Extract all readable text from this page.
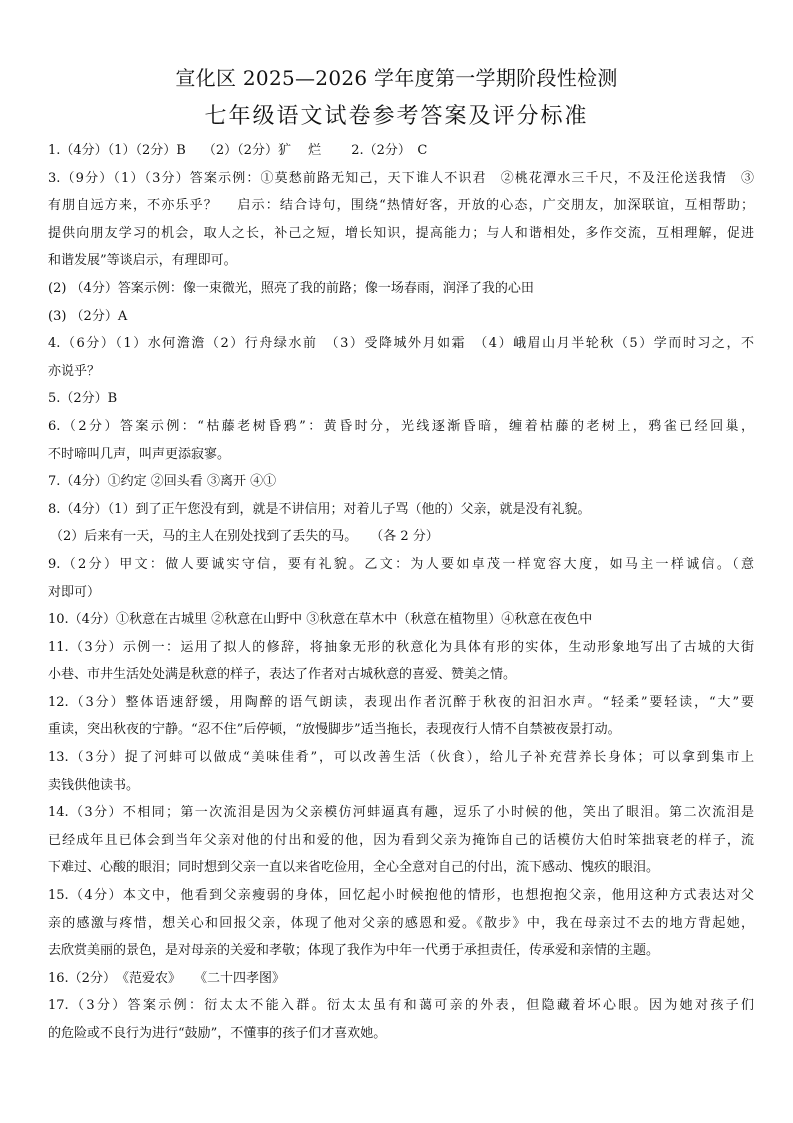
宣化区 2025—2026 学年度第一学期阶段性检测
七年级语文试卷参考答案及评分标准
1.（4分）（1）（2分）B　 （2）（2分）犷　 烂　　 2.（2分）　C
3.（9分）（1）（3分）答案示例：①莫愁前路无知己，天下谁人不识君　②桃花潭水三千尺，不及汪伦送我情　③
有朋自远方来，不亦乐乎？　 启示：结合诗句，围绕“热情好客，开放的心态，广交朋友，加深联谊，互相帮助；
提供向朋友学习的机会，取人之长，补己之短，增长知识，提高能力；与人和谐相处，多作交流，互相理解，促进
和谐发展”等谈启示，有理即可。
(2) （4分）答案示例：像一束微光，照亮了我的前路；像一场春雨，润泽了我的心田
(3) （2分）A
4.（6分）（1）水何澹澹（2）行舟绿水前　（3）受降城外月如霜　（4）峨眉山月半轮秋（5）学而时习之，不
亦说乎？
5.（2分）B
6.（2分）答案示例：“枯藤老树昏鸦”：黄昏时分，光线逐渐昏暗，缠着枯藤的老树上，鸦雀已经回巢，
不时啼叫几声，叫声更添寂寥。
7.（4分）①约定 ②回头看 ③离开 ④①
8.（4分）（1）到了正午您没有到，就是不讲信用；对着儿子骂（他的）父亲，就是没有礼貌。
（2）后来有一天，马的主人在别处找到了丢失的马。　　（各 2 分）
9.（2分）甲文：做人要诚实守信，要有礼貌。乙文：为人要如卓茂一样宽容大度，如马主一样诚信。（意
对即可）
10.（4分）①秋意在古城里 ②秋意在山野中 ③秋意在草木中（秋意在植物里）④秋意在夜色中
11.（3分）示例一：运用了拟人的修辞，将抽象无形的秋意化为具体有形的实体，生动形象地写出了古城的大街
小巷、市井生活处处满是秋意的样子，表达了作者对古城秋意的喜爱、赞美之情。
12.（3分）整体语速舒缓，用陶醉的语气朗读，表现出作者沉醉于秋夜的汩汩水声。“轻柔”要轻读，“大”要
重读，突出秋夜的宁静。“忍不住”后停顿，“放慢脚步”适当拖长，表现夜行人情不自禁被夜景打动。
13.（3分）捉了河蚌可以做成“美味佳肴”，可以改善生活（伙食），给儿子补充营养长身体；可以拿到集市上
卖钱供他读书。
14.（3分）不相同；第一次流泪是因为父亲模仿河蚌逼真有趣，逗乐了小时候的他，笑出了眼泪。第二次流泪是
已经成年且已体会到当年父亲对他的付出和爱的他，因为看到父亲为掩饰自己的话模仿大伯时笨拙衰老的样子，流
下难过、心酸的眼泪；同时想到父亲一直以来省吃俭用，全心全意对自己的付出，流下感动、愧疚的眼泪。
15.（4分）本文中，他看到父亲瘦弱的身体，回忆起小时候抱他的情形，也想抱抱父亲，他用这种方式表达对父
亲的感激与疼惜，想关心和回报父亲，体现了他对父亲的感恩和爱。《散步》中，我在母亲过不去的地方背起她，
去欣赏美丽的景色，是对母亲的关爱和孝敬；体现了我作为中年一代勇于承担责任，传承爱和亲情的主题。
16.（2分）　《范爱农》　　《二十四孝图》
17.（3分）答案示例：衍太太不能入群。衍太太虽有和蔼可亲的外表，但隐藏着坏心眼。因为她对孩子们
的危险或不良行为进行“鼓励”，不懂事的孩子们才喜欢她。
